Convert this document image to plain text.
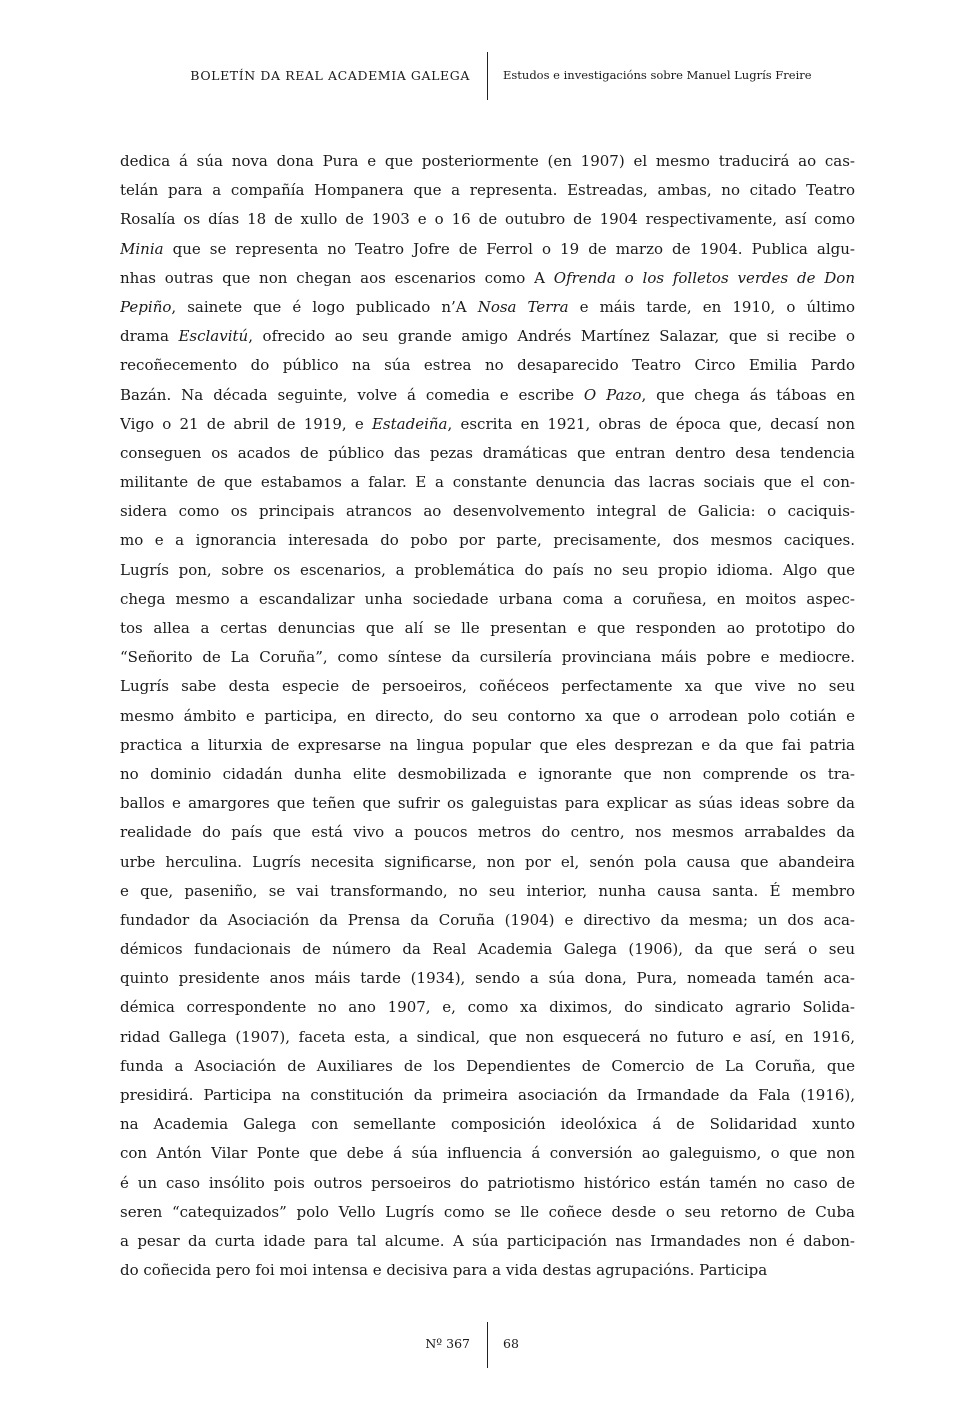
BOLETÍN DA REAL ACADEMIA GALEGA	Estudos e investigacións sobre Manuel Lugrís Freire
dedica á súa nova dona Pura e que posteriormente (en 1907) el mesmo traducirá ao cas-
telán para a compañía Hompanera que a representa. Estreadas, ambas, no citado Teatro
Rosalía os días 18 de xullo de 1903 e o 16 de outubro de 1904 respectivamente, así como
Minia que se representa no Teatro Jofre de Ferrol o 19 de marzo de 1904. Publica algu-
nhas outras que non chegan aos escenarios como A Ofrenda o los folletos verdes de Don
Pepiño, sainete que é logo publicado n’A Nosa Terra e máis tarde, en 1910, o último
drama Esclavitú, ofrecido ao seu grande amigo Andrés Martínez Salazar, que si recibe o
recoñecemento do público na súa estrea no desaparecido Teatro Circo Emilia Pardo
Bazán. Na década seguinte, volve á comedia e escribe O Pazo, que chega ás táboas en
Vigo o 21 de abril de 1919, e Estadeiña, escrita en 1921, obras de época que, decasí non
conseguen os acados de público das pezas dramáticas que entran dentro desa tendencia
militante de que estabamos a falar. E a constante denuncia das lacras sociais que el con-
sidera como os principais atrancos ao desenvolvemento integral de Galicia: o caciquis-
mo e a ignorancia interesada do pobo por parte, precisamente, dos mesmos caciques.
Lugrís pon, sobre os escenarios, a problemática do país no seu propio idioma. Algo que
chega mesmo a escandalizar unha sociedade urbana coma a coruñesa, en moitos aspec-
tos allea a certas denuncias que alí se lle presentan e que responden ao prototipo do
“Señorito de La Coruña”, como síntese da cursilería provinciana máis pobre e mediocre.
Lugrís sabe desta especie de persoeiros, coñéceos perfectamente xa que vive no seu
mesmo ámbito e participa, en directo, do seu contorno xa que o arrodean polo cotián e
practica a liturxia de expresarse na lingua popular que eles desprezan e da que fai patria
no dominio cidadán dunha elite desmobilizada e ignorante que non comprende os tra-
ballos e amargores que teñen que sufrir os galeguistas para explicar as súas ideas sobre da
realidade do país que está vivo a poucos metros do centro, nos mesmos arrabaldes da
urbe herculina. Lugrís necesita significarse, non por el, senón pola causa que abandeira
e que, paseniño, se vai transformando, no seu interior, nunha causa santa. É membro
fundador da Asociación da Prensa da Coruña (1904) e directivo da mesma; un dos aca-
démicos fundacionais de número da Real Academia Galega (1906), da que será o seu
quinto presidente anos máis tarde (1934), sendo a súa dona, Pura, nomeada tamén aca-
démica correspondente no ano 1907, e, como xa diximos, do sindicato agrario Solida-
ridad Gallega (1907), faceta esta, a sindical, que non esquecerá no futuro e así, en 1916,
funda a Asociación de Auxiliares de los Dependientes de Comercio de La Coruña, que
presidirá. Participa na constitución da primeira asociación da Irmandade da Fala (1916),
na Academia Galega con semellante composición ideolóxica á de Solidaridad xunto
con Antón Vilar Ponte que debe á súa influencia á conversión ao galeguismo, o que non
é un caso insólito pois outros persoeiros do patriotismo histórico están tamén no caso de
seren “catequizados” polo Vello Lugrís como se lle coñece desde o seu retorno de Cuba
a pesar da curta idade para tal alcume. A súa participación nas Irmandades non é dabon-
do coñecida pero foi moi intensa e decisiva para a vida destas agrupacións. Participa
Nº 367	68
